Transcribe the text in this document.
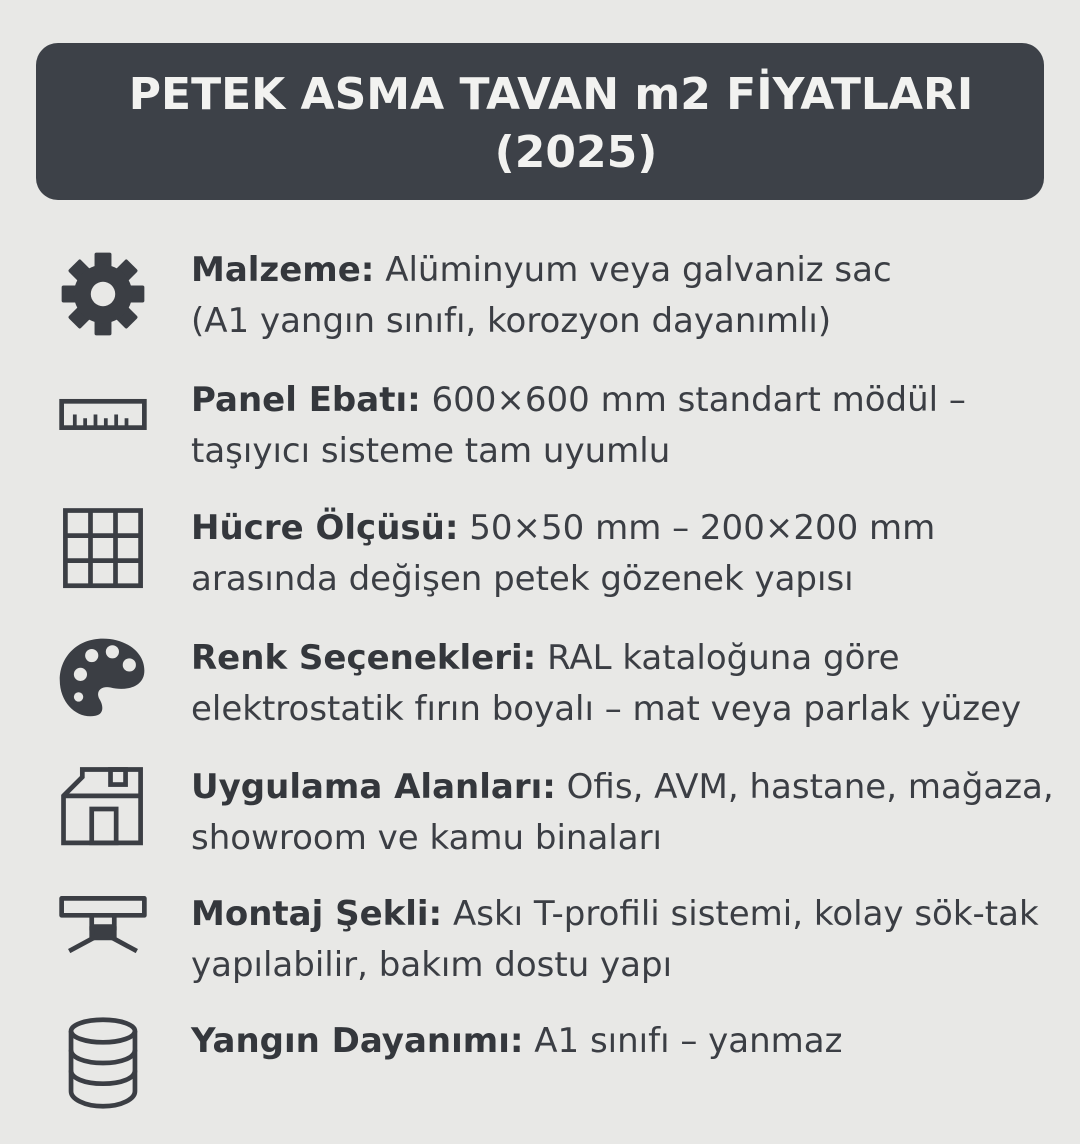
PETEK ASMA TAVAN m2 FİYATLARI
(2025)
Malzeme: Alüminyum veya galvaniz sac
(A1 yangın sınıfı, korozyon dayanımlı)
Panel Ebatı: 600×600 mm standart mödül –
taşıyıcı sisteme tam uyumlu
Hücre Ölçüsü: 50×50 mm – 200×200 mm
arasında değişen petek gözenek yapısı
Renk Seçenekleri: RAL kataloğuna göre
elektrostatik fırın boyalı – mat veya parlak yüzey
Uygulama Alanları: Ofis, AVM, hastane, mağaza,
showroom ve kamu binaları
Montaj Şekli: Askı T-profili sistemi, kolay sök-tak
yapılabilir, bakım dostu yapı
Yangın Dayanımı: A1 sınıfı – yanmaz
